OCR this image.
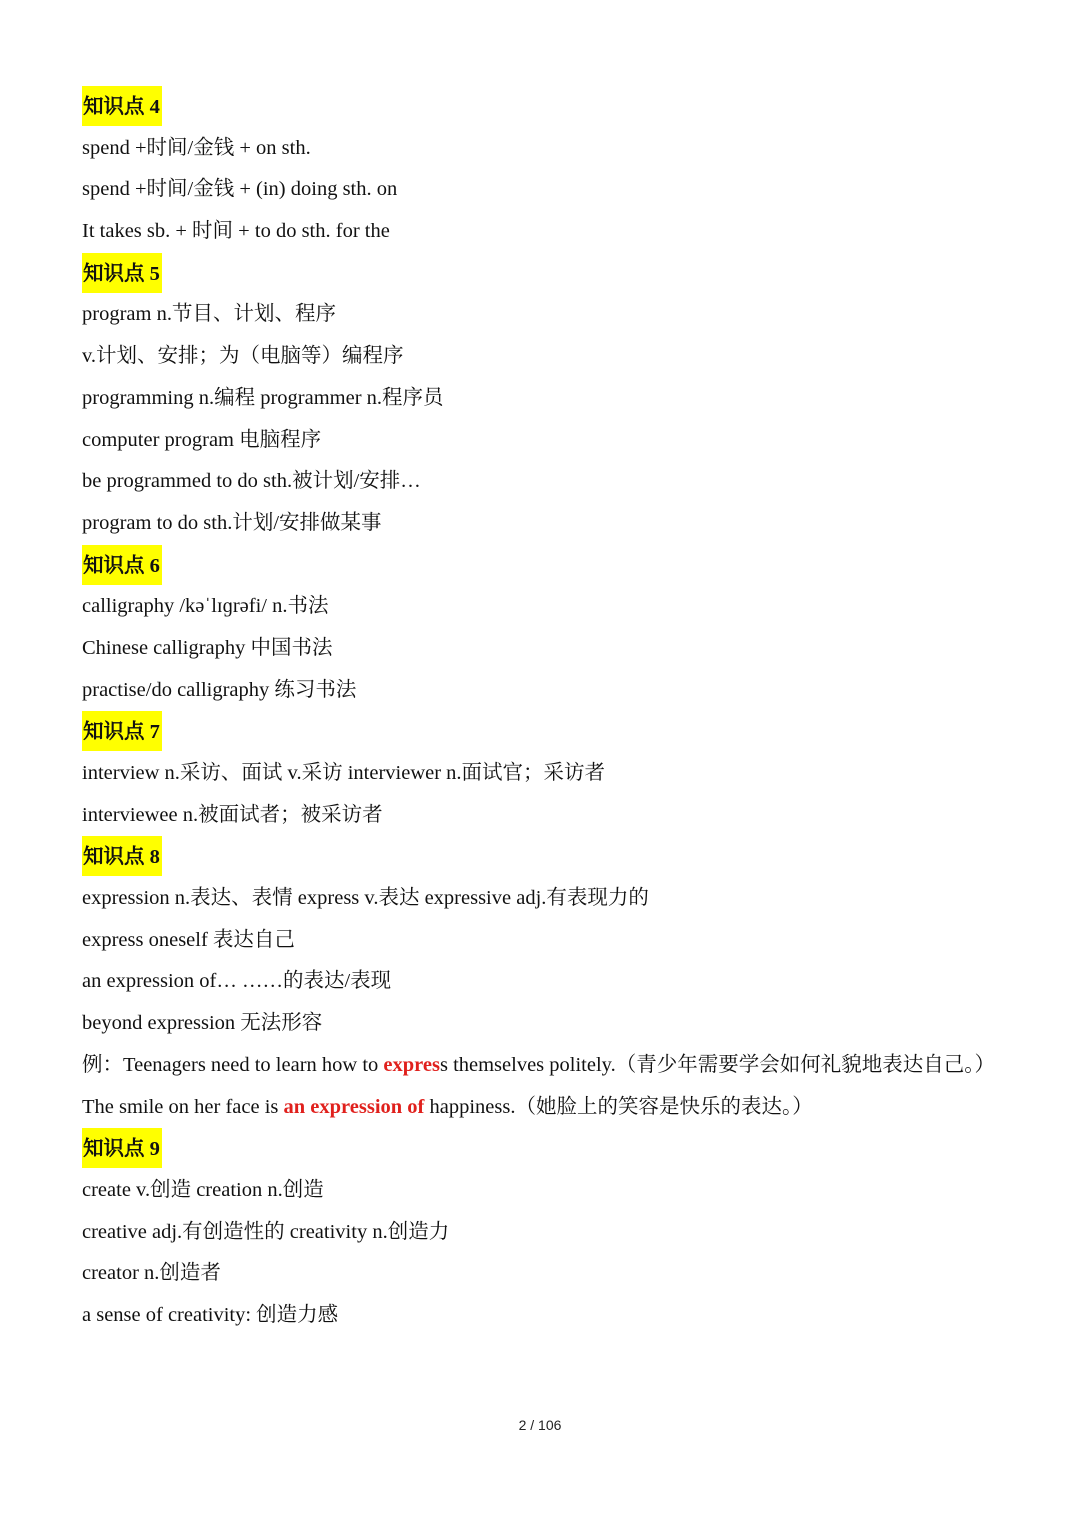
知识点 4
spend +时间/金钱 + on sth.
spend +时间/金钱 + (in) doing sth. on
It takes sb. + 时间 + to do sth. for the
知识点 5
program n.节目、计划、程序
v.计划、安排；为（电脑等）编程序
programming n.编程 programmer n.程序员
computer program 电脑程序
be programmed to do sth.被计划/安排…
program to do sth.计划/安排做某事
知识点 6
calligraphy /kəˈlɪɡrəfi/ n.书法
Chinese calligraphy 中国书法
practise/do calligraphy 练习书法
知识点 7
interview n.采访、面试 v.采访 interviewer n.面试官；采访者
interviewee n.被面试者；被采访者
知识点 8
expression n.表达、表情 express v.表达 expressive adj.有表现力的
express oneself 表达自己
an expression of… ……的表达/表现
beyond expression 无法形容
例：Teenagers need to learn how to express themselves politely.（青少年需要学会如何礼貌地表达自己。）
The smile on her face is an expression of happiness.（她脸上的笑容是快乐的表达。）
知识点 9
create v.创造 creation n.创造
creative adj.有创造性的 creativity n.创造力
creator n.创造者
a sense of creativity: 创造力感
2 / 106
